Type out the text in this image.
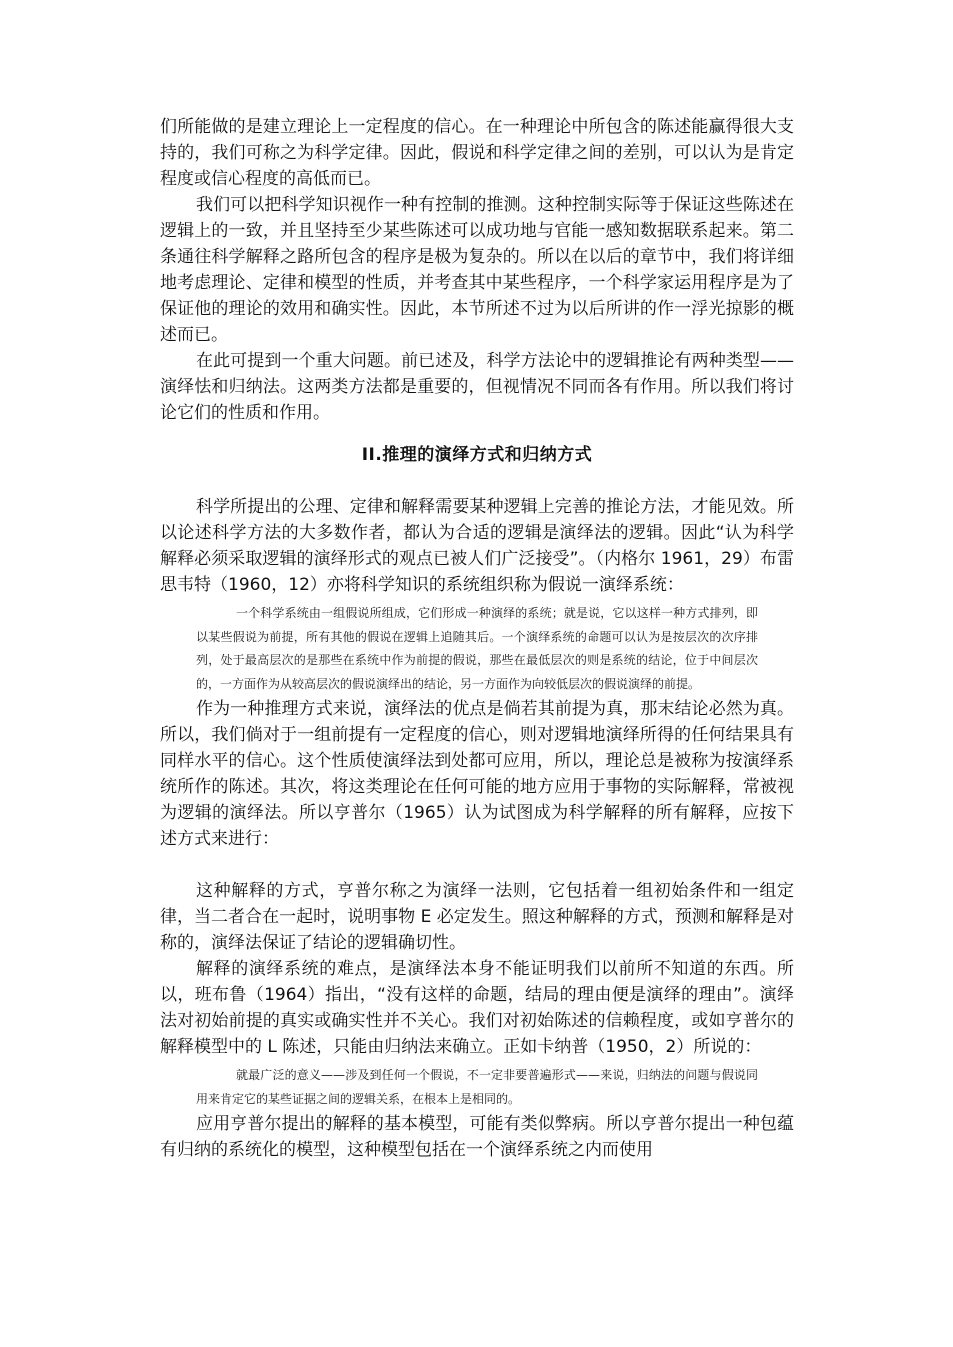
们所能做的是建立理论上一定程度的信心。在一种理论中所包含的陈述能赢得很大支持的，我们可称之为科学定律。因此，假说和科学定律之间的差别，可以认为是肯定程度或信心程度的高低而已。

我们可以把科学知识视作一种有控制的推测。这种控制实际等于保证这些陈述在逻辑上的一致，并且坚持至少某些陈述可以成功地与官能一感知数据联系起来。第二条通往科学解释之路所包含的程序是极为复杂的。所以在以后的章节中，我们将详细地考虑理论、定律和模型的性质，并考查其中某些程序，一个科学家运用程序是为了保证他的理论的效用和确实性。因此，本节所述不过为以后所讲的作一浮光掠影的概述而已。

在此可提到一个重大问题。前已述及，科学方法论中的逻辑推论有两种类型——演绎怯和归纳法。这两类方法都是重要的，但视情况不同而各有作用。所以我们将讨论它们的性质和作用。

II.推理的演绎方式和归纳方式

科学所提出的公理、定律和解释需要某种逻辑上完善的推论方法，才能见效。所以论述科学方法的大多数作者，都认为合适的逻辑是演绎法的逻辑。因此“认为科学解释必须采取逻辑的演绎形式的观点已被人们广泛接受”。（内格尔 1961，29）布雷思韦特（1960，12）亦将科学知识的系统组织称为假说一演绎系统：

一个科学系统由一组假说所组成，它们形成一种演绎的系统；就是说，它以这样一种方式排列，即以某些假说为前提，所有其他的假说在逻辑上追随其后。一个演绎系统的命题可以认为是按层次的次序排列，处于最高层次的是那些在系统中作为前提的假说，那些在最低层次的则是系统的结论，位于中间层次的，一方面作为从较高层次的假说演绎出的结论，另一方面作为向较低层次的假说演绎的前提。

作为一种推理方式来说，演绎法的优点是倘若其前提为真，那末结论必然为真。所以，我们倘对于一组前提有一定程度的信心，则对逻辑地演绎所得的任何结果具有同样水平的信心。这个性质使演绎法到处都可应用，所以，理论总是被称为按演绎系统所作的陈述。其次，将这类理论在任何可能的地方应用于事物的实际解释，常被视为逻辑的演绎法。所以亨普尔（1965）认为试图成为科学解释的所有解释，应按下述方式来进行：

这种解释的方式，亨普尔称之为演绎一法则，它包括着一组初始条件和一组定律，当二者合在一起时，说明事物 E 必定发生。照这种解释的方式，预测和解释是对称的，演绎法保证了结论的逻辑确切性。

解释的演绎系统的难点，是演绎法本身不能证明我们以前所不知道的东西。所以，班布鲁（1964）指出，“没有这样的命题，结局的理由便是演绎的理由”。演绎法对初始前提的真实或确实性并不关心。我们对初始陈述的信赖程度，或如亨普尔的解释模型中的 L 陈述，只能由归纳法来确立。正如卡纳普（1950，2）所说的：

就最广泛的意义——涉及到任何一个假说，不一定非要普遍形式——来说，归纳法的问题与假说同用来肯定它的某些证据之间的逻辑关系，在根本上是相同的。

应用亨普尔提出的解释的基本模型，可能有类似弊病。所以亨普尔提出一种包蕴有归纳的系统化的模型，这种模型包括在一个演绎系统之内而使用
